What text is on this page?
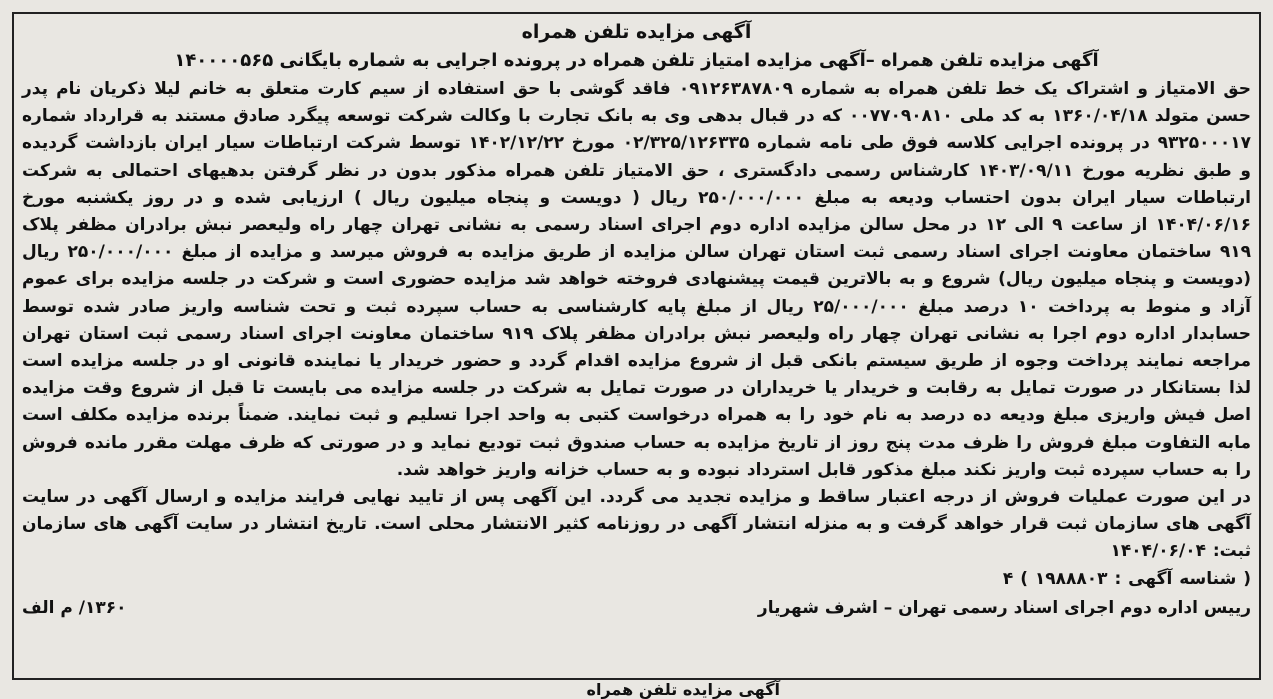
آگهی مزایده تلفن همراه
آگهی مزایده تلفن همراه –آگهی مزایده امتیاز تلفن همراه در پرونده اجرایی به شماره بایگانی ۱۴۰۰۰۰۵۶۵

حق الامتیاز و اشتراک یک خط تلفن همراه به شماره ۰۹۱۲۶۳۸۷۸۰۹ فاقد گوشی با حق استفاده از سیم کارت متعلق به خانم لیلا ذکریان نام پدر حسن متولد ۱۳۶۰/۰۴/۱۸ به کد ملی ۰۰۷۷۰۹۰۸۱۰ که در قبال بدهی وی به بانک تجارت با وکالت شرکت توسعه پیگرد صادق مستند به قرارداد شماره ۹۳۲۵۰۰۰۱۷ در پرونده اجرایی کلاسه فوق طی نامه شماره ۰۲/۳۲۵/۱۲۶۳۳۵ مورخ ۱۴۰۲/۱۲/۲۲ توسط شرکت ارتباطات سیار ایران بازداشت گردیده و طبق نظریه مورخ ۱۴۰۳/۰۹/۱۱ کارشناس رسمی دادگستری ، حق الامتیاز تلفن همراه مذکور بدون در نظر گرفتن بدهیهای احتمالی به شرکت ارتباطات سیار ایران بدون احتساب ودیعه به مبلغ ۲۵۰/۰۰۰/۰۰۰ ریال ( دویست و پنجاه میلیون ریال ) ارزیابی شده و در روز یکشنبه مورخ ۱۴۰۴/۰۶/۱۶ از ساعت ۹ الی ۱۲ در محل سالن مزایده اداره دوم اجرای اسناد رسمی به نشانی تهران چهار راه ولیعصر نبش برادران مظفر پلاک ۹۱۹ ساختمان معاونت اجرای اسناد رسمی ثبت استان تهران سالن مزایده از طریق مزایده به فروش میرسد و مزایده از مبلغ ۲۵۰/۰۰۰/۰۰۰ ریال (دویست و پنجاه میلیون ریال) شروع و به بالاترین قیمت پیشنهادی فروخته خواهد شد مزایده حضوری است و شرکت در جلسه مزایده برای عموم آزاد و منوط به پرداخت ۱۰ درصد مبلغ ۲۵/۰۰۰/۰۰۰ ریال از مبلغ پایه کارشناسی به حساب سپرده ثبت و تحت شناسه واریز صادر شده توسط حسابدار اداره دوم اجرا به نشانی تهران چهار راه ولیعصر نبش برادران مظفر پلاک ۹۱۹ ساختمان معاونت اجرای اسناد رسمی ثبت استان تهران مراجعه نمایند پرداخت وجوه از طریق سیستم بانکی قبل از شروع مزایده اقدام گردد و حضور خریدار یا نماینده قانونی او در جلسه مزایده است لذا بستانکار در صورت تمایل به رقابت و خریدار یا خریداران در صورت تمایل به شرکت در جلسه مزایده می بایست تا قبل از شروع وقت مزایده اصل فیش واریزی مبلغ ودیعه ده درصد به نام خود را به همراه درخواست کتبی به واحد اجرا تسلیم و ثبت نمایند. ضمناً برنده مزایده مکلف است مابه التفاوت مبلغ فروش را ظرف مدت پنج روز از تاریخ مزایده به حساب صندوق ثبت تودیع نماید و در صورتی که ظرف مهلت مقرر مانده فروش را به حساب سپرده ثبت واریز نکند مبلغ مذکور قابل استرداد نبوده و به حساب خزانه واریز خواهد شد.

در این صورت عملیات فروش از درجه اعتبار ساقط و مزایده تجدید می گردد. این آگهی پس از تایید نهایی فرایند مزایده و ارسال آگهی در سایت آگهی های سازمان ثبت قرار خواهد گرفت و به منزله انتشار آگهی در روزنامه کثیر الانتشار محلی است. تاریخ انتشار در سایت آگهی های سازمان ثبت: ۱۴۰۴/۰۶/۰۴

( شناسه آگهی : ۱۹۸۸۸۰۳ ) ۴

رییس اداره دوم اجرای اسناد رسمی تهران – اشرف شهریار
۱۳۶۰/ م الف
آگهی مزایده تلفن همراه
